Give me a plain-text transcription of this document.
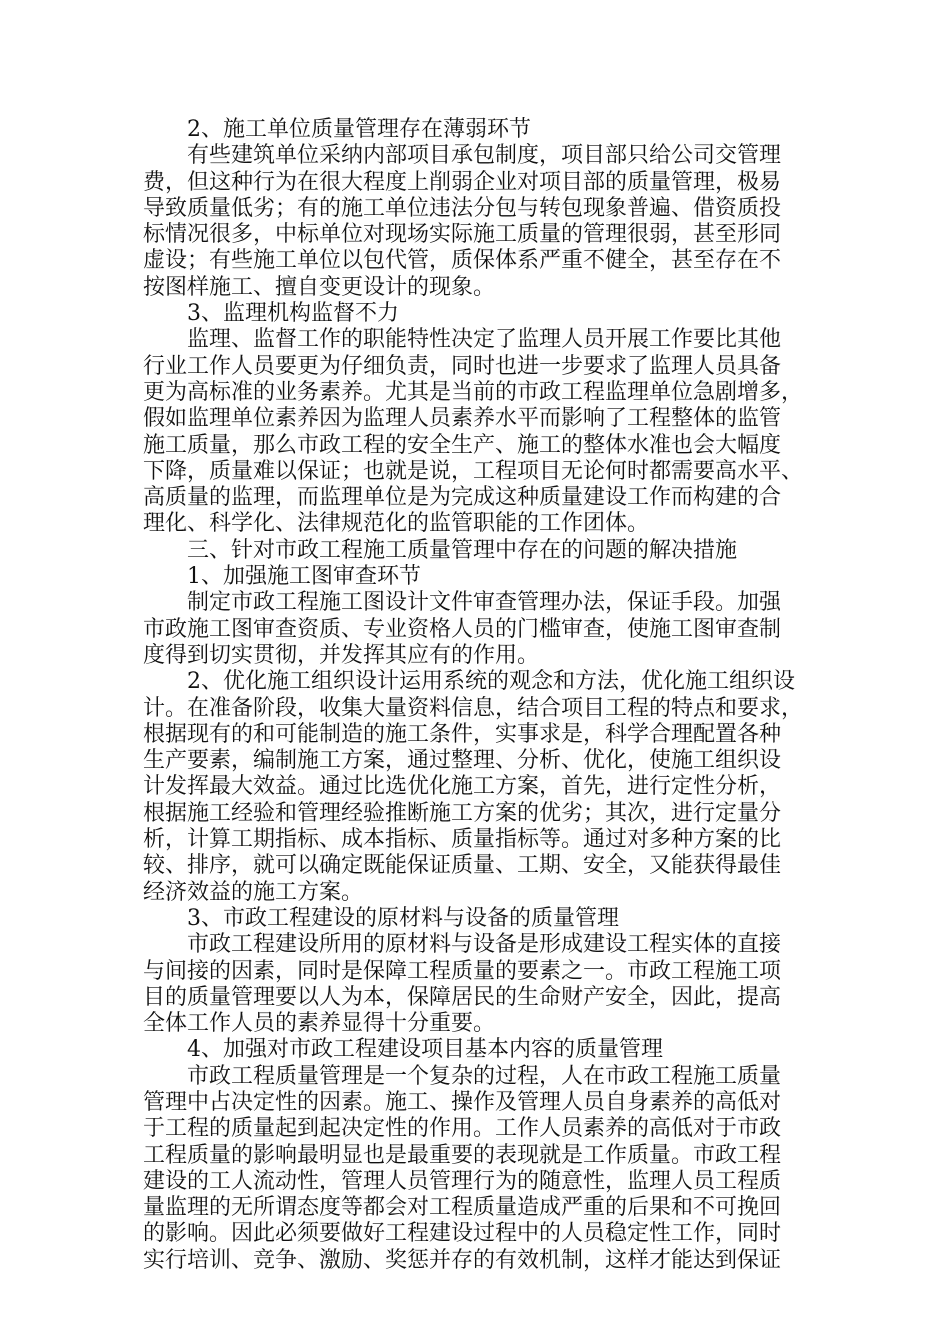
2、施工单位质量管理存在薄弱环节
有些建筑单位采纳内部项目承包制度，项目部只给公司交管理
费，但这种行为在很大程度上削弱企业对项目部的质量管理，极易
导致质量低劣；有的施工单位违法分包与转包现象普遍、借资质投
标情况很多，中标单位对现场实际施工质量的管理很弱，甚至形同
虚设；有些施工单位以包代管，质保体系严重不健全，甚至存在不
按图样施工、擅自变更设计的现象。
3、监理机构监督不力
监理、监督工作的职能特性决定了监理人员开展工作要比其他
行业工作人员要更为仔细负责，同时也进一步要求了监理人员具备
更为高标准的业务素养。尤其是当前的市政工程监理单位急剧增多，
假如监理单位素养因为监理人员素养水平而影响了工程整体的监管
施工质量，那么市政工程的安全生产、施工的整体水准也会大幅度
下降，质量难以保证；也就是说，工程项目无论何时都需要高水平、
高质量的监理，而监理单位是为完成这种质量建设工作而构建的合
理化、科学化、法律规范化的监管职能的工作团体。
三、针对市政工程施工质量管理中存在的问题的解决措施
1、加强施工图审查环节
制定市政工程施工图设计文件审查管理办法，保证手段。加强
市政施工图审查资质、专业资格人员的门槛审查，使施工图审查制
度得到切实贯彻，并发挥其应有的作用。
2、优化施工组织设计运用系统的观念和方法，优化施工组织设
计。在准备阶段，收集大量资料信息，结合项目工程的特点和要求，
根据现有的和可能制造的施工条件，实事求是，科学合理配置各种
生产要素，编制施工方案，通过整理、分析、优化，使施工组织设
计发挥最大效益。通过比选优化施工方案，首先，进行定性分析，
根据施工经验和管理经验推断施工方案的优劣；其次，进行定量分
析，计算工期指标、成本指标、质量指标等。通过对多种方案的比
较、排序，就可以确定既能保证质量、工期、安全，又能获得最佳
经济效益的施工方案。
3、市政工程建设的原材料与设备的质量管理
市政工程建设所用的原材料与设备是形成建设工程实体的直接
与间接的因素，同时是保障工程质量的要素之一。市政工程施工项
目的质量管理要以人为本，保障居民的生命财产安全，因此，提高
全体工作人员的素养显得十分重要。
4、加强对市政工程建设项目基本内容的质量管理
市政工程质量管理是一个复杂的过程，人在市政工程施工质量
管理中占决定性的因素。施工、操作及管理人员自身素养的高低对
于工程的质量起到起决定性的作用。工作人员素养的高低对于市政
工程质量的影响最明显也是最重要的表现就是工作质量。市政工程
建设的工人流动性，管理人员管理行为的随意性，监理人员工程质
量监理的无所谓态度等都会对工程质量造成严重的后果和不可挽回
的影响。因此必须要做好工程建设过程中的人员稳定性工作，同时
实行培训、竞争、激励、奖惩并存的有效机制，这样才能达到保证
